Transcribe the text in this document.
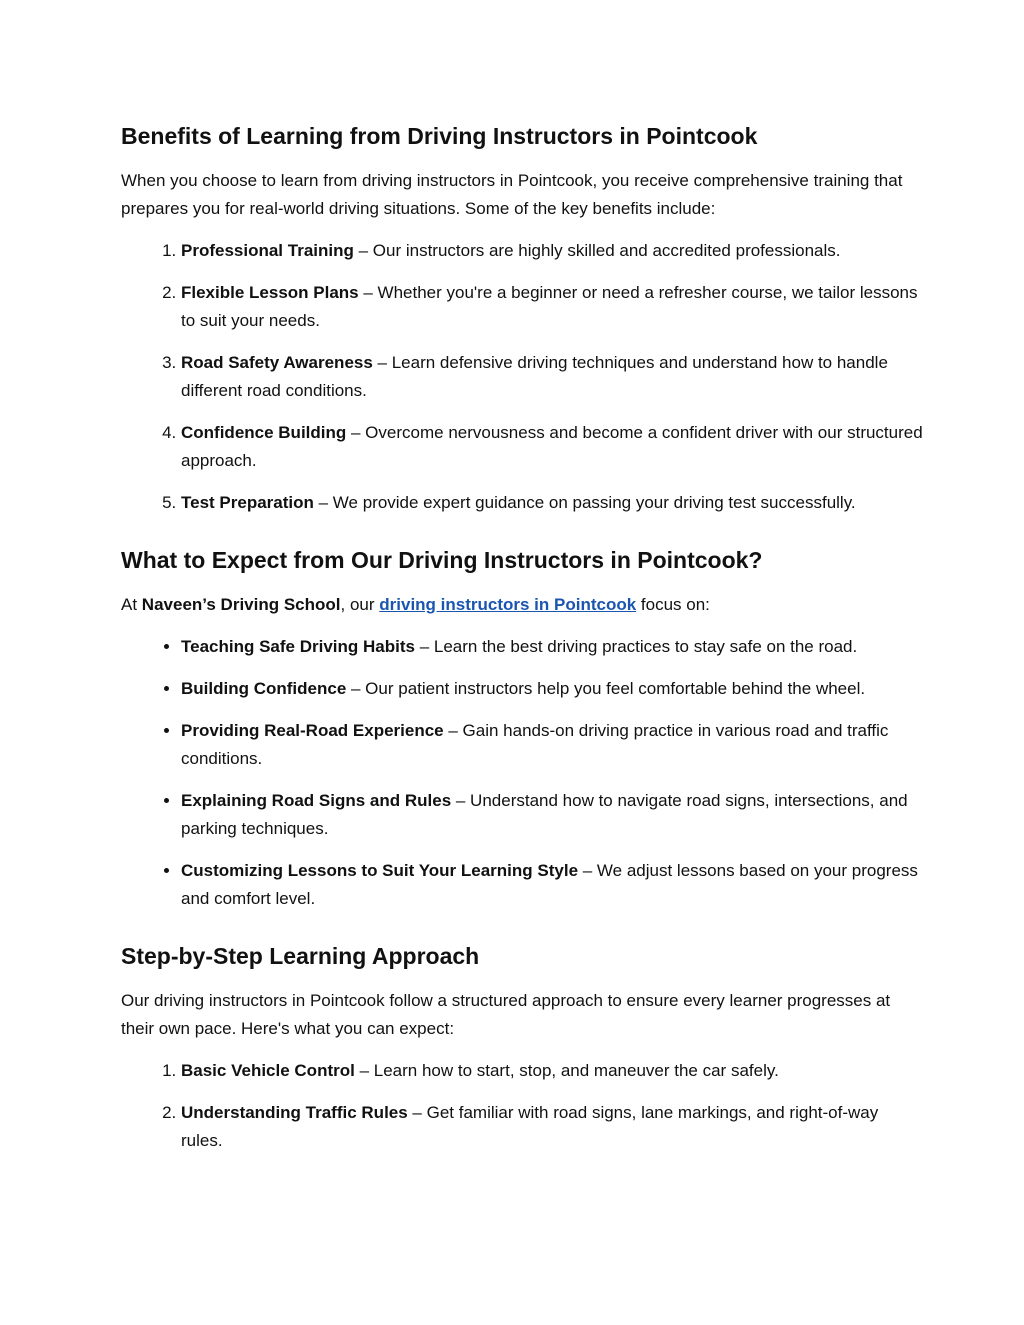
Benefits of Learning from Driving Instructors in Pointcook

When you choose to learn from driving instructors in Pointcook, you receive comprehensive training that prepares you for real-world driving situations. Some of the key benefits include:

1. Professional Training – Our instructors are highly skilled and accredited professionals.
2. Flexible Lesson Plans – Whether you're a beginner or need a refresher course, we tailor lessons to suit your needs.
3. Road Safety Awareness – Learn defensive driving techniques and understand how to handle different road conditions.
4. Confidence Building – Overcome nervousness and become a confident driver with our structured approach.
5. Test Preparation – We provide expert guidance on passing your driving test successfully.
What to Expect from Our Driving Instructors in Pointcook?

At Naveen’s Driving School, our driving instructors in Pointcook focus on:

• Teaching Safe Driving Habits – Learn the best driving practices to stay safe on the road.
• Building Confidence – Our patient instructors help you feel comfortable behind the wheel.
• Providing Real-Road Experience – Gain hands-on driving practice in various road and traffic conditions.
• Explaining Road Signs and Rules – Understand how to navigate road signs, intersections, and parking techniques.
• Customizing Lessons to Suit Your Learning Style – We adjust lessons based on your progress and comfort level.
Step-by-Step Learning Approach

Our driving instructors in Pointcook follow a structured approach to ensure every learner progresses at their own pace. Here's what you can expect:

1. Basic Vehicle Control – Learn how to start, stop, and maneuver the car safely.
2. Understanding Traffic Rules – Get familiar with road signs, lane markings, and right-of-way rules.
